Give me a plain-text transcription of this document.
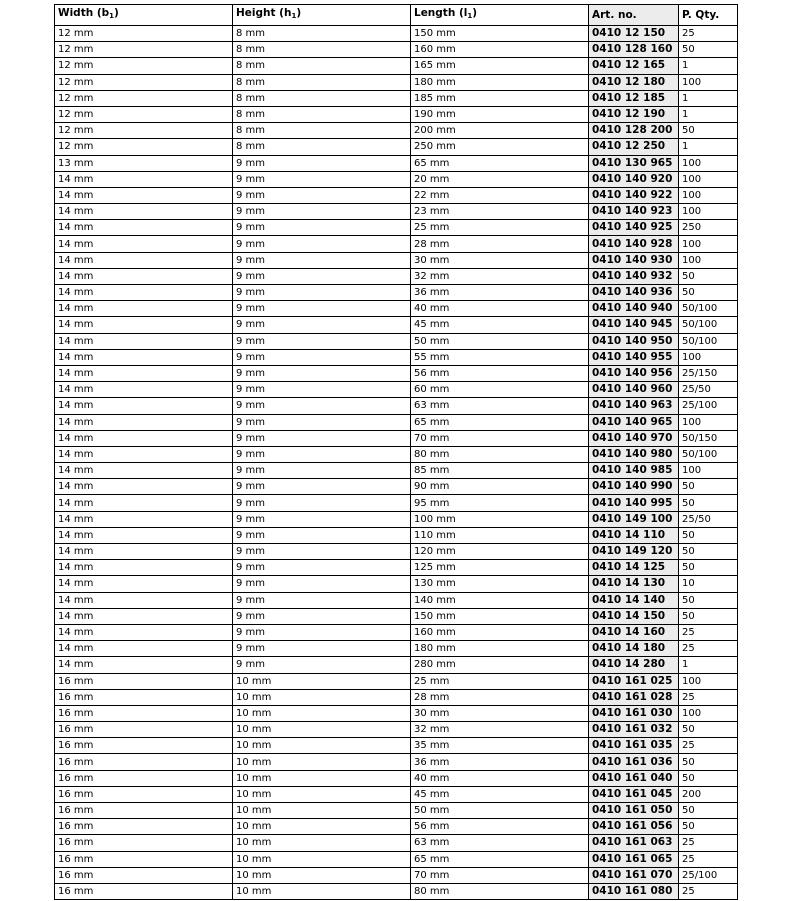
Width $(b_1)$	Height $(h_1)$	Length $(l_1)$	Art. no.	P. Qty.
12 mm	8 mm	150 mm	0410 12 150	25
12 mm	8 mm	160 mm	0410 128 160	50
12 mm	8 mm	165 mm	0410 12 165	1
12 mm	8 mm	180 mm	0410 12 180	100
12 mm	8 mm	185 mm	0410 12 185	1
12 mm	8 mm	190 mm	0410 12 190	1
12 mm	8 mm	200 mm	0410 128 200	50
12 mm	8 mm	250 mm	0410 12 250	1
13 mm	9 mm	65 mm	0410 130 965	100
14 mm	9 mm	20 mm	0410 140 920	100
14 mm	9 mm	22 mm	0410 140 922	100
14 mm	9 mm	23 mm	0410 140 923	100
14 mm	9 mm	25 mm	0410 140 925	250
14 mm	9 mm	28 mm	0410 140 928	100
14 mm	9 mm	30 mm	0410 140 930	100
14 mm	9 mm	32 mm	0410 140 932	50
14 mm	9 mm	36 mm	0410 140 936	50
14 mm	9 mm	40 mm	0410 140 940	50/100
14 mm	9 mm	45 mm	0410 140 945	50/100
14 mm	9 mm	50 mm	0410 140 950	50/100
14 mm	9 mm	55 mm	0410 140 955	100
14 mm	9 mm	56 mm	0410 140 956	25/150
14 mm	9 mm	60 mm	0410 140 960	25/50
14 mm	9 mm	63 mm	0410 140 963	25/100
14 mm	9 mm	65 mm	0410 140 965	100
14 mm	9 mm	70 mm	0410 140 970	50/150
14 mm	9 mm	80 mm	0410 140 980	50/100
14 mm	9 mm	85 mm	0410 140 985	100
14 mm	9 mm	90 mm	0410 140 990	50
14 mm	9 mm	95 mm	0410 140 995	50
14 mm	9 mm	100 mm	0410 149 100	25/50
14 mm	9 mm	110 mm	0410 14 110	50
14 mm	9 mm	120 mm	0410 149 120	50
14 mm	9 mm	125 mm	0410 14 125	50
14 mm	9 mm	130 mm	0410 14 130	10
14 mm	9 mm	140 mm	0410 14 140	50
14 mm	9 mm	150 mm	0410 14 150	50
14 mm	9 mm	160 mm	0410 14 160	25
14 mm	9 mm	180 mm	0410 14 180	25
14 mm	9 mm	280 mm	0410 14 280	1
16 mm	10 mm	25 mm	0410 161 025	100
16 mm	10 mm	28 mm	0410 161 028	25
16 mm	10 mm	30 mm	0410 161 030	100
16 mm	10 mm	32 mm	0410 161 032	50
16 mm	10 mm	35 mm	0410 161 035	25
16 mm	10 mm	36 mm	0410 161 036	50
16 mm	10 mm	40 mm	0410 161 040	50
16 mm	10 mm	45 mm	0410 161 045	200
16 mm	10 mm	50 mm	0410 161 050	50
16 mm	10 mm	56 mm	0410 161 056	50
16 mm	10 mm	63 mm	0410 161 063	25
16 mm	10 mm	65 mm	0410 161 065	25
16 mm	10 mm	70 mm	0410 161 070	25/100
16 mm	10 mm	80 mm	0410 161 080	25
